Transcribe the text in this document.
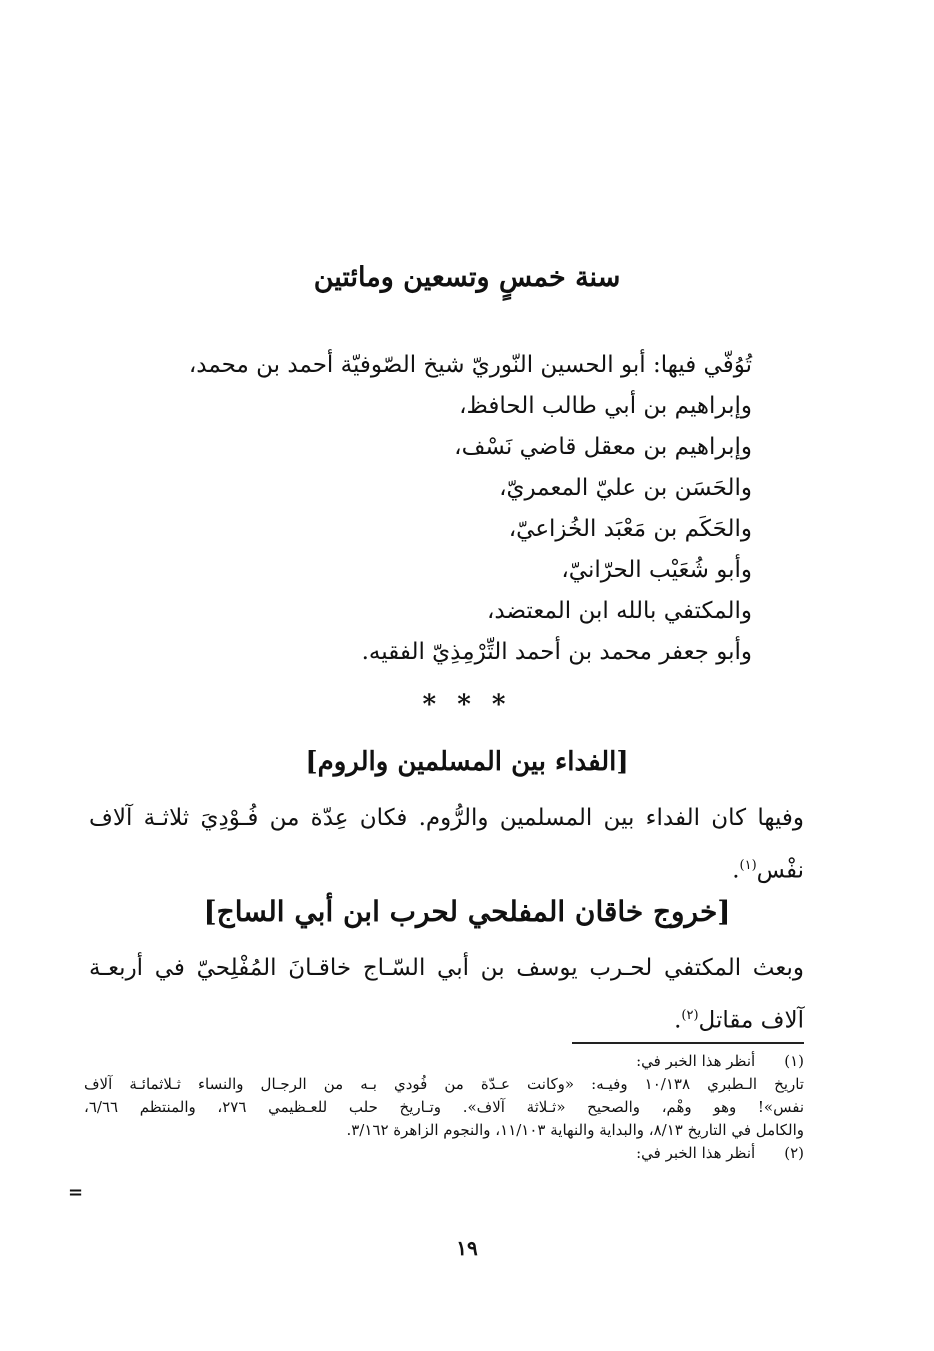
سنة خمسٍ وتسعين ومائتين
تُوُفّي فيها: أبو الحسين النّوريّ شيخ الصّوفيّة أحمد بن محمد،
وإبراهيم بن أبي طالب الحافظ،
وإبراهيم بن معقل قاضي نَسْف،
والحَسَن بن عليّ المعمريّ،
والحَكَم بن مَعْبَد الخُزاعيّ،
وأبو شُعَيْب الحرّانيّ،
والمكتفي بالله ابن المعتضد،
وأبو جعفر محمد بن أحمد التِّرْمِذِيّ الفقيه.
* * *
[الفداء بين المسلمين والروم]
وفيها كان الفداء بين المسلمين والرُّوم. فكان عِدّة من فُـوْدِيَ ثلاثـة آلاف
نفْس$^{(١)}$.
[خروج خاقان المفلحي لحرب ابن أبي الساج]
وبعث المكتفي لحـرب يوسف بن أبي السّـاج خاقـانَ المُفْلِحيّ في أربعـة
آلاف مقاتل$^{(٢)}$.
(١) أنظر هذا الخبر في:
تاريخ الـطبري ١٠/١٣٨ وفيـه: «وكانت عـدّة من فُودي بـه من الرجـال والنساء ثـلاثمائـة آلاف
نفس»! وهو وهْم، والصحيح «ثـلاثة آلاف». وتـاريخ حلب للعـظيمي ٢٧٦، والمنتظم ٦/٦٦،
والكامل في التاريخ ٨/١٣، والبداية والنهاية ١١/١٠٣، والنجوم الزاهرة ٣/١٦٢.
(٢) أنظر هذا الخبر في:
=
١٩
